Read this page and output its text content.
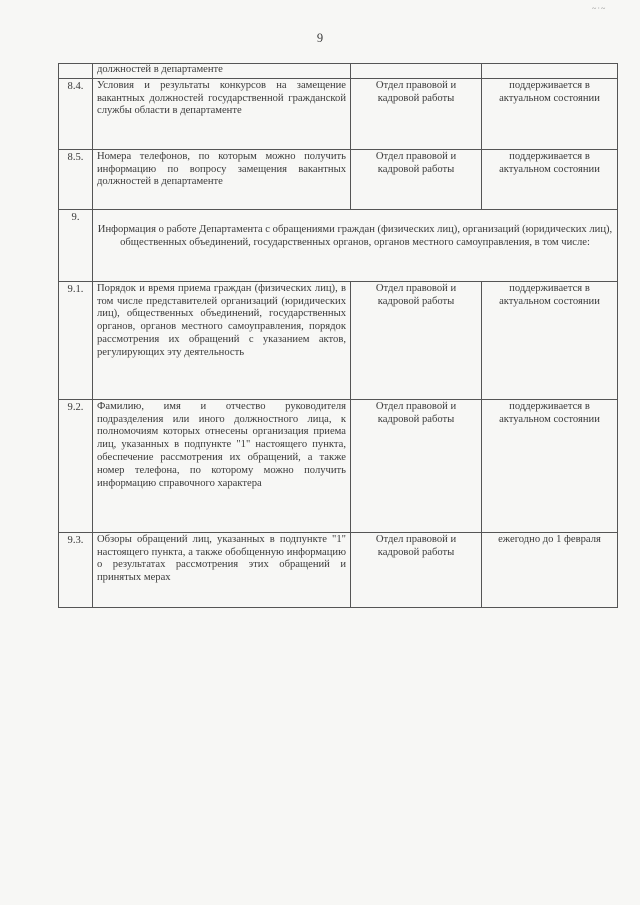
~·~
9
	должностей в департаменте		
8.4.	Условия и результаты конкурсов на замещение вакантных должностей государственной гражданской службы области в департаменте	Отдел правовой и кадровой работы	поддерживается в актуальном состоянии
8.5.	Номера телефонов, по которым можно получить информацию по вопросу замещения вакантных должностей в департаменте	Отдел правовой и кадровой работы	поддерживается в актуальном состоянии
9.	Информация о работе Департамента с обращениями граждан (физических лиц), организаций (юридических лиц), общественных объединений, государственных органов, органов местного самоуправления, в том числе:		
9.1.	Порядок и время приема граждан (физических лиц), в том числе представителей организаций (юридических лиц), общественных объединений, государственных органов, органов местного самоуправления, порядок рассмотрения их обращений с указанием актов, регулирующих эту деятельность	Отдел правовой и кадровой работы	поддерживается в актуальном состоянии
9.2.	Фамилию, имя и отчество руководителя подразделения или иного должностного лица, к полномочиям которых отнесены организация приема лиц, указанных в подпункте "1" настоящего пункта, обеспечение рассмотрения их обращений, а также номер телефона, по которому можно получить информацию справочного характера	Отдел правовой и кадровой работы	поддерживается в актуальном состоянии
9.3.	Обзоры обращений лиц, указанных в подпункте "1" настоящего пункта, а также обобщенную информацию о результатах рассмотрения этих обращений и принятых мерах	Отдел правовой и кадровой работы	ежегодно до 1 февраля
